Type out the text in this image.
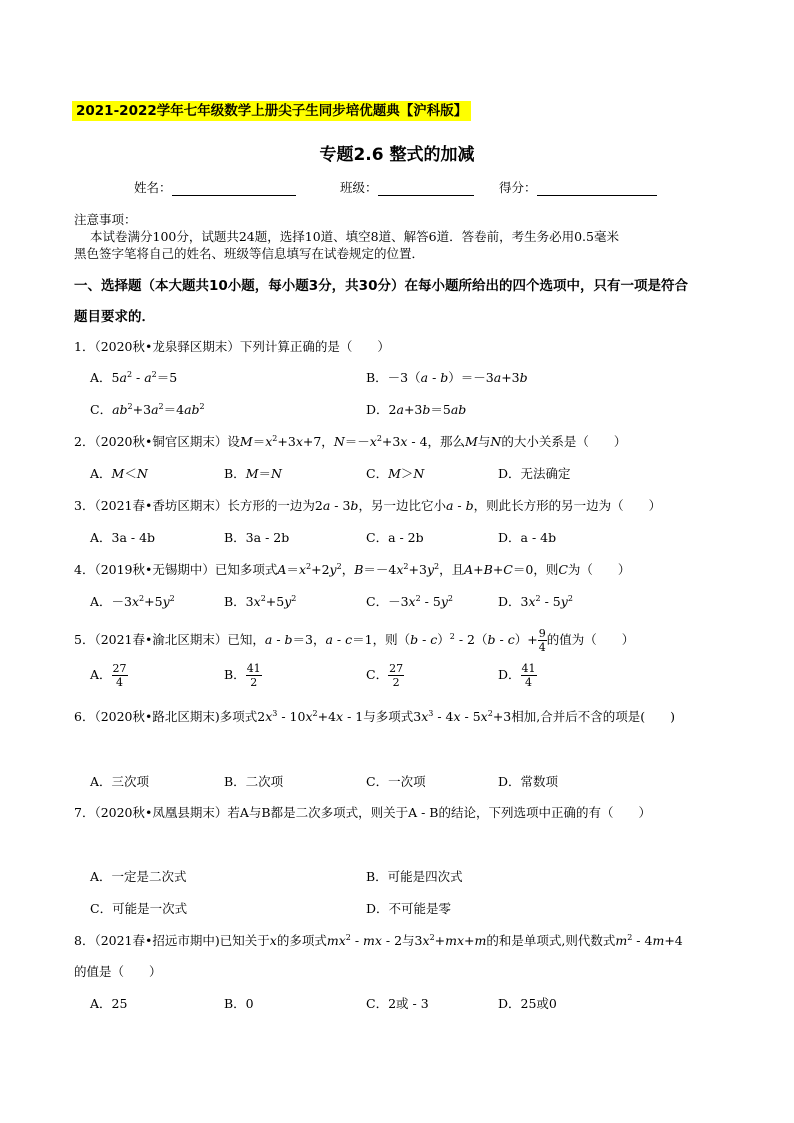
2021-2022学年七年级数学上册尖子生同步培优题典【沪科版】
专题2.6 整式的加减
姓名：	班级：	得分：
注意事项：
本试卷满分100分，试题共24题，选择10道、填空8道、解答6道．答卷前，考生务必用0.5毫米
黑色签字笔将自己的姓名、班级等信息填写在试卷规定的位置．
一、选择题（本大题共10小题，每小题3分，共30分）在每小题所给出的四个选项中，只有一项是符合
题目要求的．
1．（2020秋•龙泉驿区期末）下列计算正确的是（　　）
A．$5a^2 - a^2=5$	B．－3（a - b）＝－3a+3b
C．$ab^2+3a^2=4ab^2$	D．2a+3b＝5ab
2．（2020秋•铜官区期末）设$M=x^2+3x+7$，$N=-x^2+3x - 4$，那么M与N的大小关系是（　　）
A．M＜N	B．M＝N	C．M＞N	D．无法确定
3．（2021春•香坊区期末）长方形的一边为2a - 3b，另一边比它小a - b，则此长方形的另一边为（　　）
A．3a - 4b	B．3a - 2b	C．a - 2b	D．a - 4b
4．（2019秋•无锡期中）已知多项式$A=x^2+2y^2$，$B=-4x^2+3y^2$，且A+B+C＝0，则C为（　　）
A．$-3x^2+5y^2$	B．$3x^2+5y^2$	C．$-3x^2 - 5y^2$	D．$3x^2 - 5y^2$
5．（2021春•渝北区期末）已知，a - b＝3，a - c＝1，则$(b - c)^2 - 2(b - c)+ \frac{9}{4}$ 的值为（　　）
A． $\frac{27}{4}$	B． $\frac{41}{2}$	C． $\frac{27}{2}$	D． $\frac{41}{4}$
6．（2020秋•路北区期末)多项式$2x^3 - 10x^2+4x - 1$与多项式$3x^3 - 4x - 5x^2+3$相加,合并后不含的项是(　　)
A．三次项	B．二次项	C．一次项	D．常数项
7．（2020秋•凤凰县期末）若A与B都是二次多项式，则关于A - B的结论，下列选项中正确的有（　　）
A．一定是二次式	B．可能是四次式
C．可能是一次式	D．不可能是零
8．（2021春•招远市期中)已知关于x的多项式$mx^2$ - mx - 2与$3x^2+mx+m$的和是单项式,则代数式$m^2 - 4m+4$
的值是（　　）
A．25	B．0	C．2或 - 3	D．25或0
